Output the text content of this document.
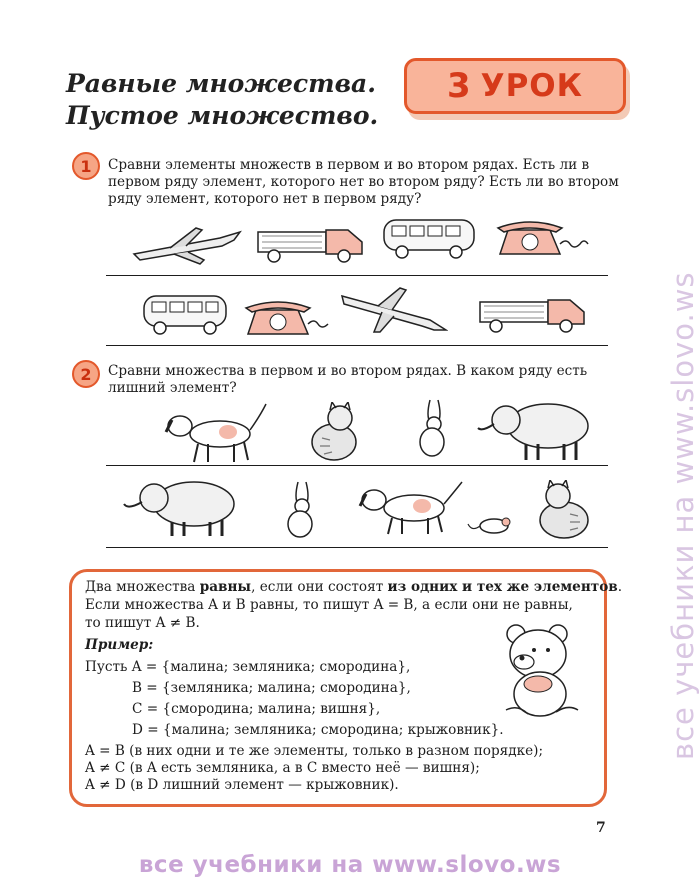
Равные множества.
Пустое множество.
3 УРОК
1	Сравни элементы множеств в первом и во втором рядах. Есть ли в
первом ряду элемент, которого нет во втором ряду? Есть ли во втором
ряду элемент, которого нет в первом ряду?

2	Сравни множества в первом и во втором рядах. В каком ряду есть
лишний элемент?

Два множества равны, если они состоят из одних и тех же элементов.

Если множества A и B равны, то пишут A = B, а если они не равны,

то пишут A ≠ B.

Пример:

Пусть A = {малина; земляника; смородина},

B = {земляника; малина; смородина},

C = {смородина; малина; вишня},

D = {малина; земляника; смородина; крыжовник}.

A = B (в них одни и те же элементы, только в разном порядке);

A ≠ C (в A есть земляника, а в C вместо неё — вишня);

A ≠ D (в D лишний элемент — крыжовник).

7
все учебники на www.slovo.ws
все учебники на www.slovo.ws
